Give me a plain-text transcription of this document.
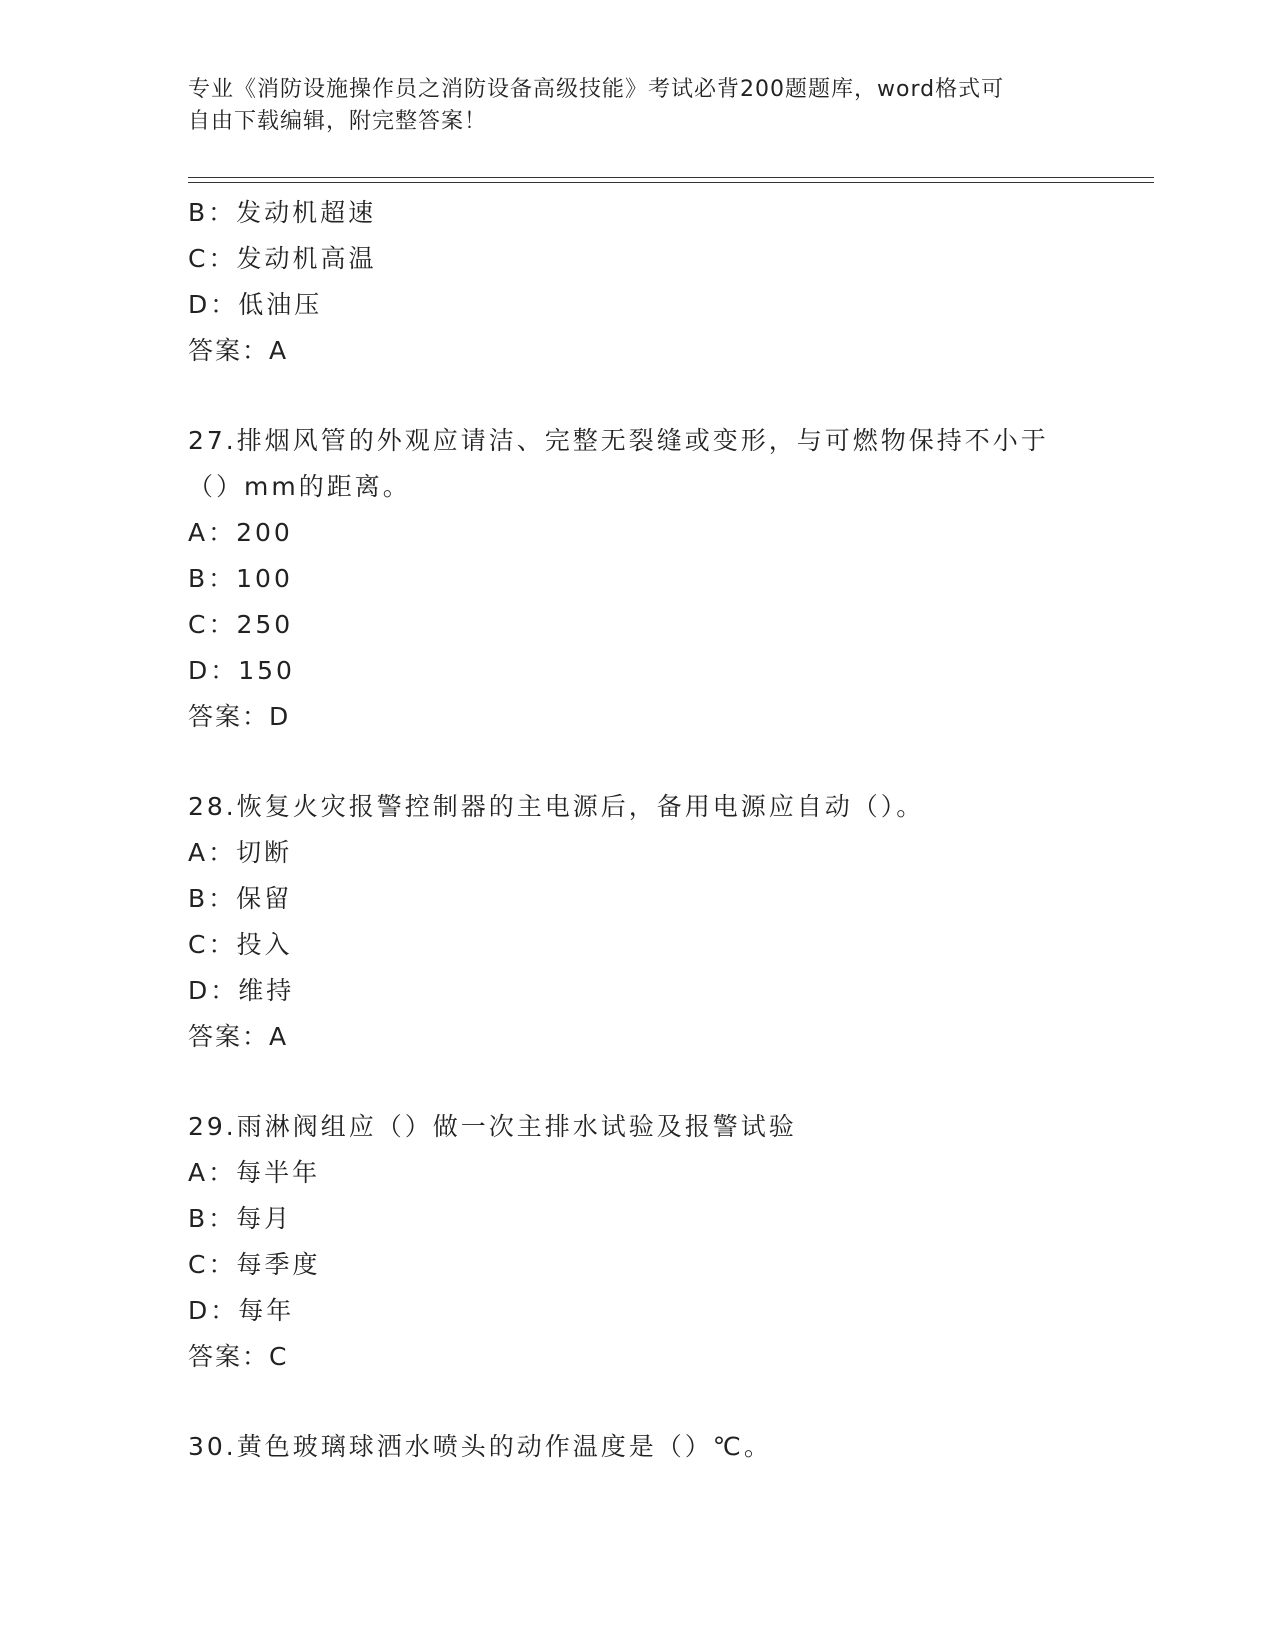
专业《消防设施操作员之消防设备高级技能》考试必背200题题库，word格式可
自由下载编辑，附完整答案！
B：发动机超速
C：发动机高温
D：低油压
答案：A
27.排烟风管的外观应请洁、完整无裂缝或变形，与可燃物保持不小于
（）mm的距离。
A：200
B：100
C：250
D：150
答案：D
28.恢复火灾报警控制器的主电源后，备用电源应自动（）。
A：切断
B：保留
C：投入
D：维持
答案：A
29.雨淋阀组应（）做一次主排水试验及报警试验
A：每半年
B：每月
C：每季度
D：每年
答案：C
30.黄色玻璃球洒水喷头的动作温度是（）℃。
